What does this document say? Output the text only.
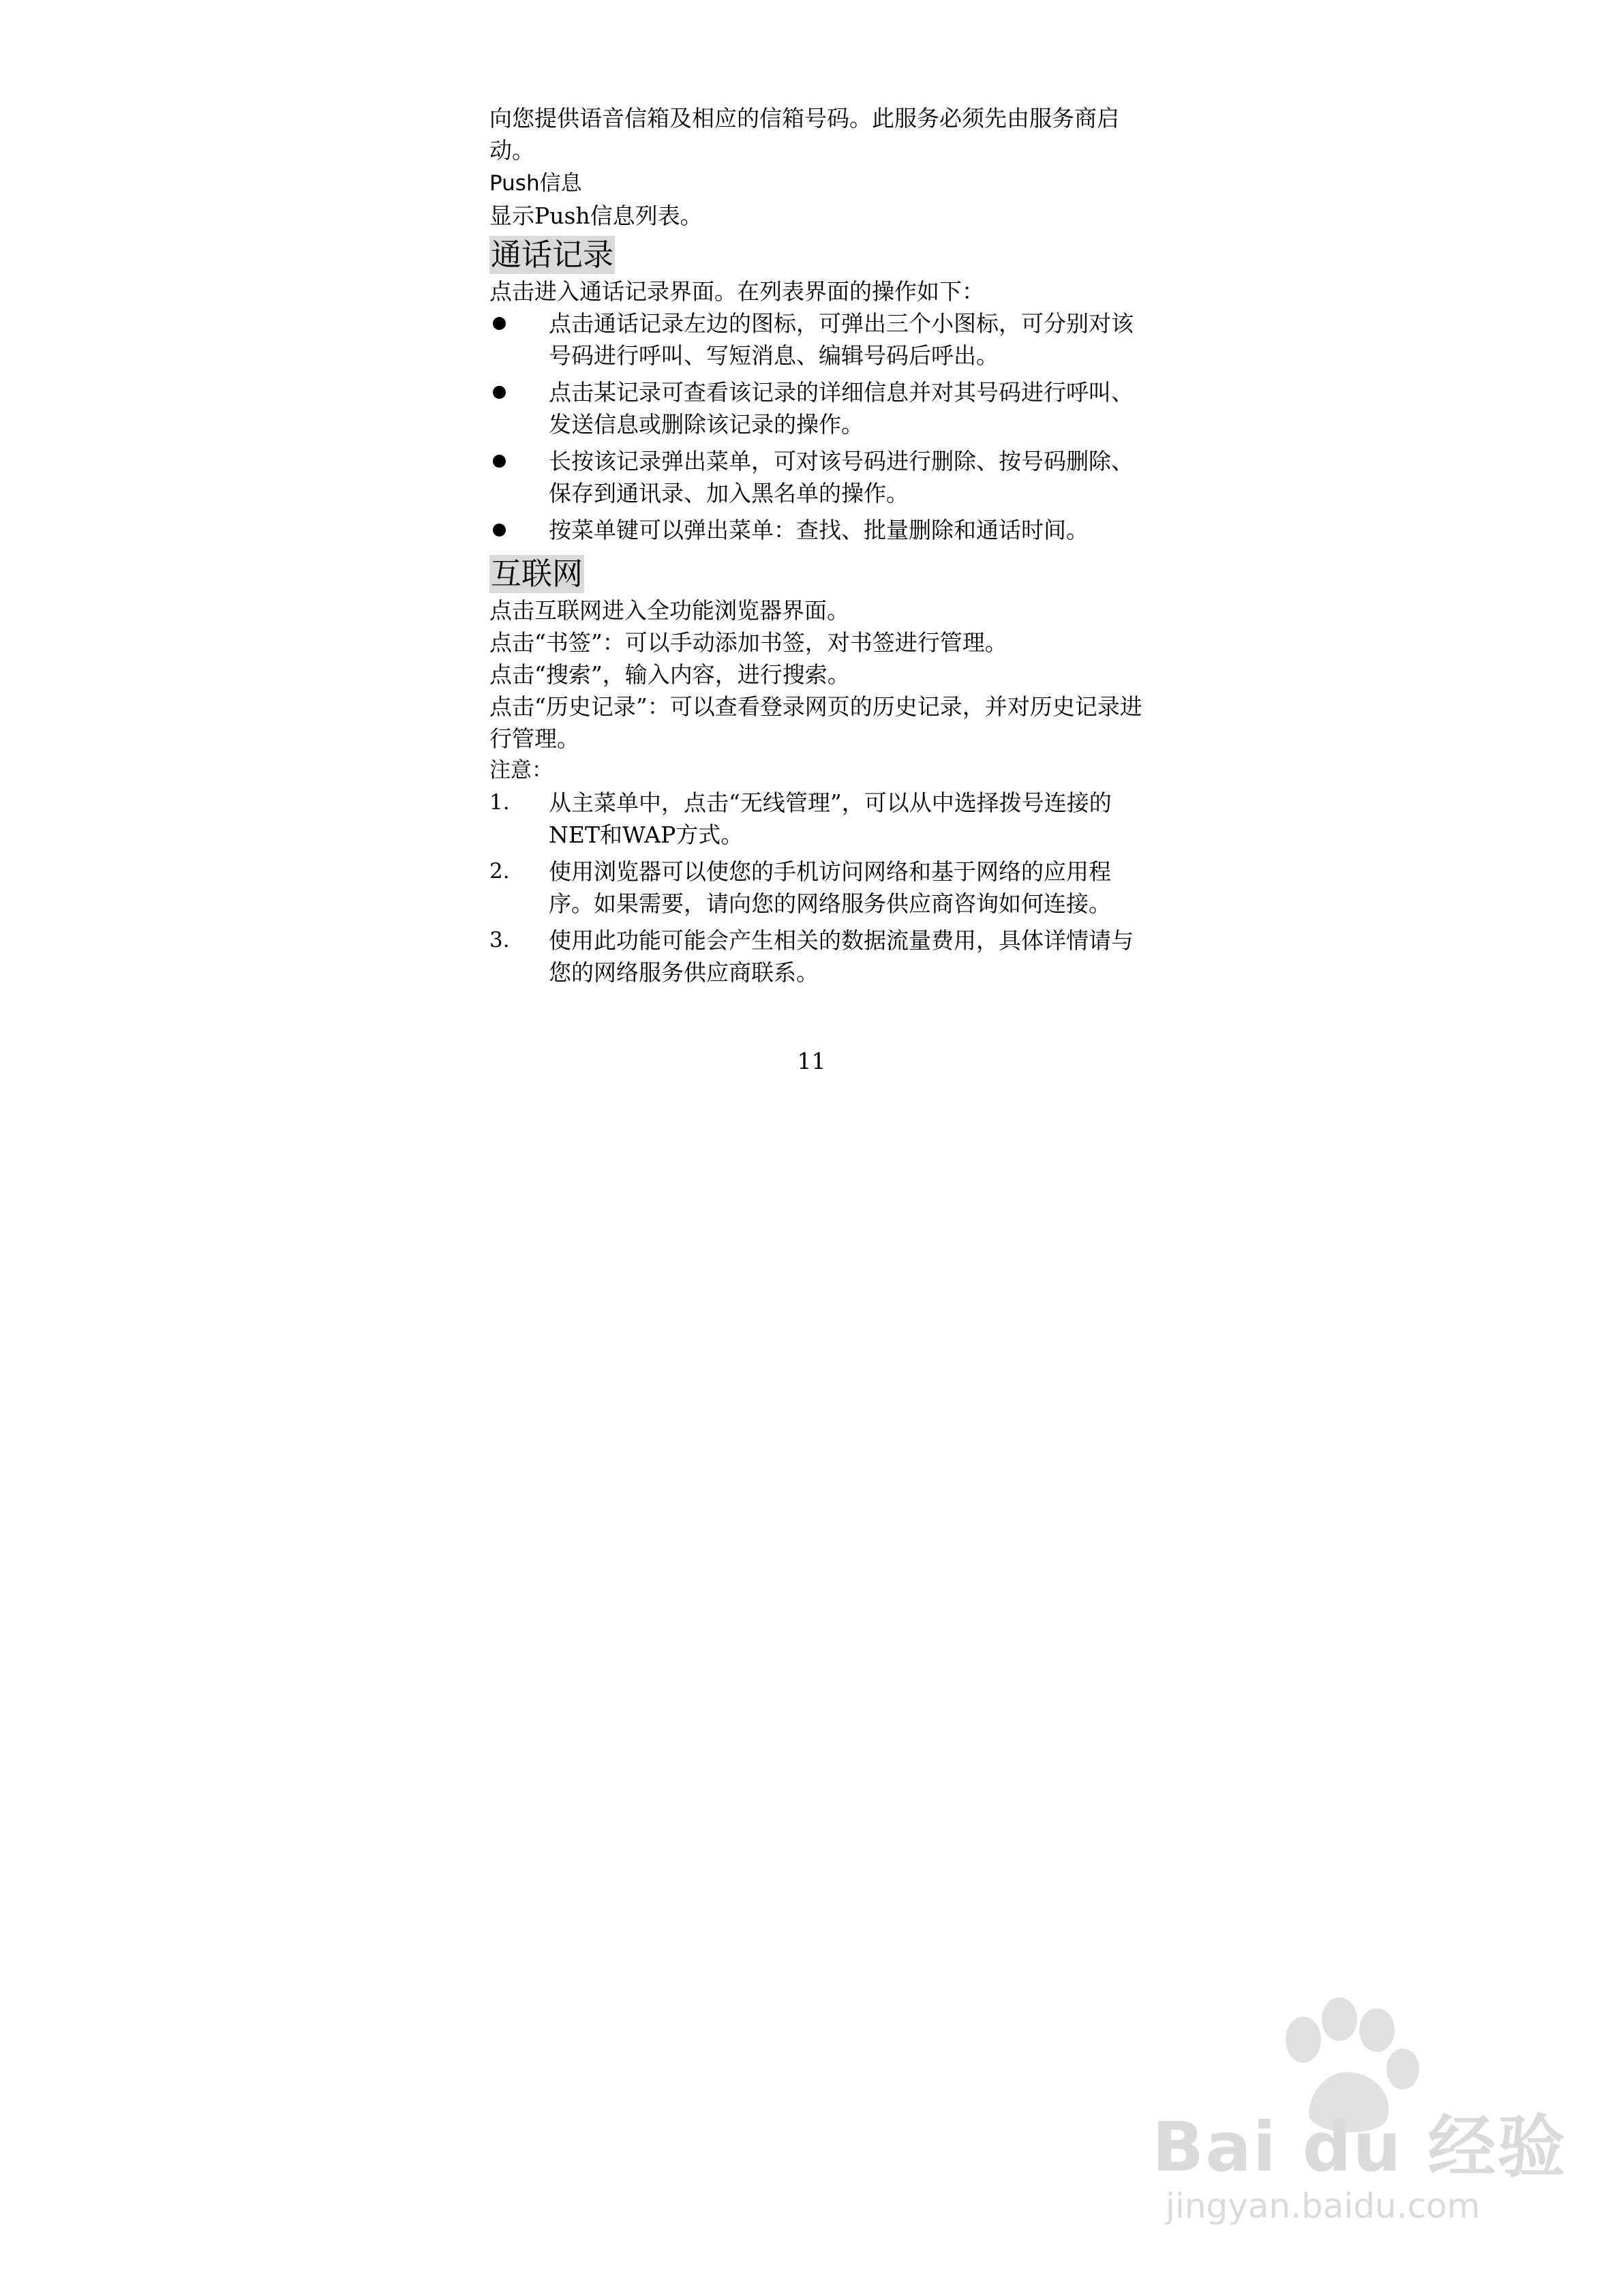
向您提供语音信箱及相应的信箱号码。此服务必须先由服务商启动。

Push信息

显示Push信息列表。

通话记录

点击进入通话记录界面。在列表界面的操作如下：

点击通话记录左边的图标，可弹出三个小图标，可分别对该号码进行呼叫、写短消息、编辑号码后呼出。
点击某记录可查看该记录的详细信息并对其号码进行呼叫、发送信息或删除该记录的操作。
长按该记录弹出菜单，可对该号码进行删除、按号码删除、保存到通讯录、加入黑名单的操作。
按菜单键可以弹出菜单：查找、批量删除和通话时间。
互联网

点击互联网进入全功能浏览器界面。

点击“书签”：可以手动添加书签，对书签进行管理。

点击“搜索”，输入内容，进行搜索。

点击“历史记录”：可以查看登录网页的历史记录，并对历史记录进行管理。

注意：

1. 从主菜单中，点击“无线管理”，可以从中选择拨号连接的NET和WAP方式。
2. 使用浏览器可以使您的手机访问网络和基于网络的应用程序。如果需要，请向您的网络服务供应商咨询如何连接。
3. 使用此功能可能会产生相关的数据流量费用，具体详情请与您的网络服务供应商联系。
11
Bai du 经验
jingyan.baidu.com
